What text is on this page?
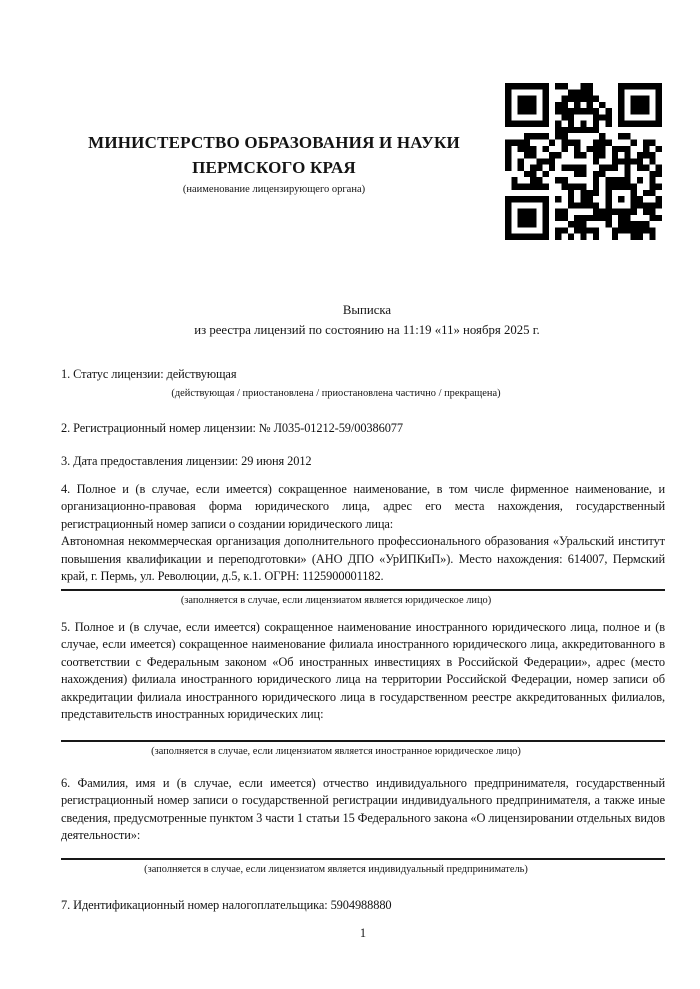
МИНИСТЕРСТВО ОБРАЗОВАНИЯ И НАУКИ ПЕРМСКОГО КРАЯ
(наименование лицензирующего органа)
Выписка
из реестра лицензий по состоянию на 11:19 «11» ноября 2025 г.
1. Статус лицензии: действующая
(действующая / приостановлена / приостановлена частично / прекращена)
2. Регистрационный номер лицензии: № Л035-01212-59/00386077
3. Дата предоставления лицензии: 29 июня 2012
4. Полное и (в случае, если имеется) сокращенное наименование, в том числе фирменное наименование, и организационно-правовая форма юридического лица, адрес его места нахождения, государственный регистрационный номер записи о создании юридического лица:
Автономная некоммерческая организация дополнительного профессионального образования «Уральский институт повышения квалификации и переподготовки» (АНО ДПО «УрИПКиП»). Место нахождения: 614007, Пермский край, г. Пермь, ул. Революции, д.5, к.1. ОГРН: 1125900001182.
(заполняется в случае, если лицензиатом является юридическое лицо)
5. Полное и (в случае, если имеется) сокращенное наименование иностранного юридического лица, полное и (в случае, если имеется) сокращенное наименование филиала иностранного юридического лица, аккредитованного в соответствии с Федеральным законом «Об иностранных инвестициях в Российской Федерации», адрес (место нахождения) филиала иностранного юридического лица на территории Российской Федерации, номер записи об аккредитации филиала иностранного юридического лица в государственном реестре аккредитованных филиалов, представительств иностранных юридических лиц:
(заполняется в случае, если лицензиатом является иностранное юридическое лицо)
6. Фамилия, имя и (в случае, если имеется) отчество индивидуального предпринимателя, государственный регистрационный номер записи о государственной регистрации индивидуального предпринимателя, а также иные сведения, предусмотренные пунктом 3 части 1 статьи 15 Федерального закона «О лицензировании отдельных видов деятельности»:
(заполняется в случае, если лицензиатом является индивидуальный предприниматель)
7. Идентификационный номер налогоплательщика: 5904988880
1
